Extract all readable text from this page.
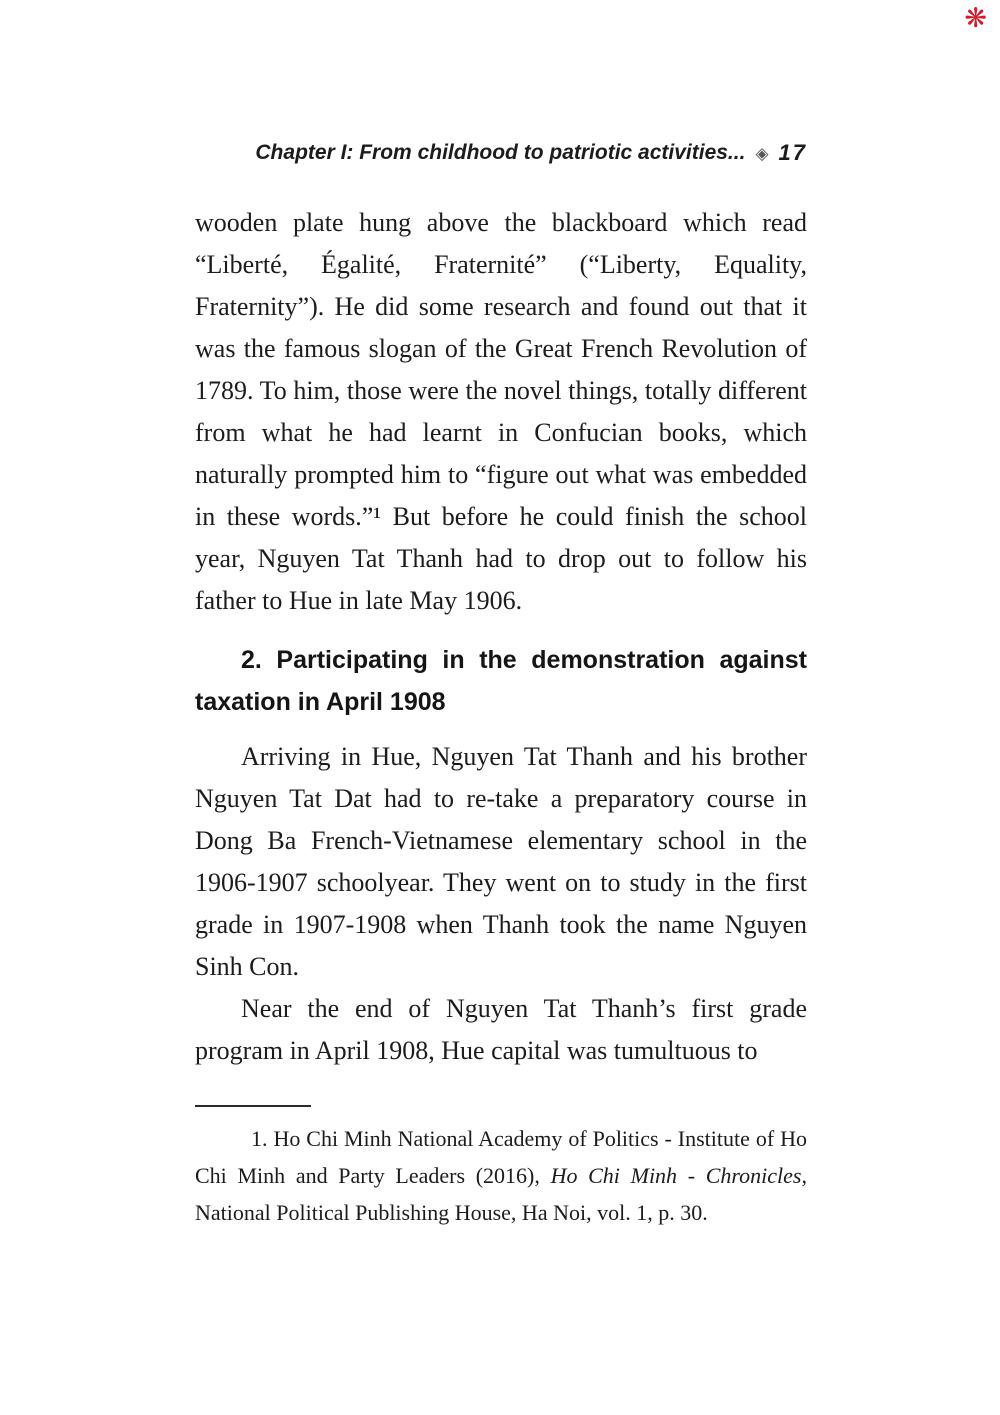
❋
Chapter I: From childhood to patriotic activities... ◈ 17

wooden plate hung above the blackboard which read “Liberté, Égalité, Fraternité” (“Liberty, Equality, Fraternity”). He did some research and found out that it was the famous slogan of the Great French Revolution of 1789. To him, those were the novel things, totally different from what he had learnt in Confucian books, which naturally prompted him to “figure out what was embedded in these words.”¹ But before he could finish the school year, Nguyen Tat Thanh had to drop out to follow his father to Hue in late May 1906.

2. Participating in the demonstration against taxation in April 1908

Arriving in Hue, Nguyen Tat Thanh and his brother Nguyen Tat Dat had to re-take a preparatory course in Dong Ba French-Vietnamese elementary school in the 1906-1907 schoolyear. They went on to study in the first grade in 1907-1908 when Thanh took the name Nguyen Sinh Con.

Near the end of Nguyen Tat Thanh’s first grade program in April 1908, Hue capital was tumultuous to

1. Ho Chi Minh National Academy of Politics - Institute of Ho Chi Minh and Party Leaders (2016), Ho Chi Minh - Chronicles, National Political Publishing House, Ha Noi, vol. 1, p. 30.
